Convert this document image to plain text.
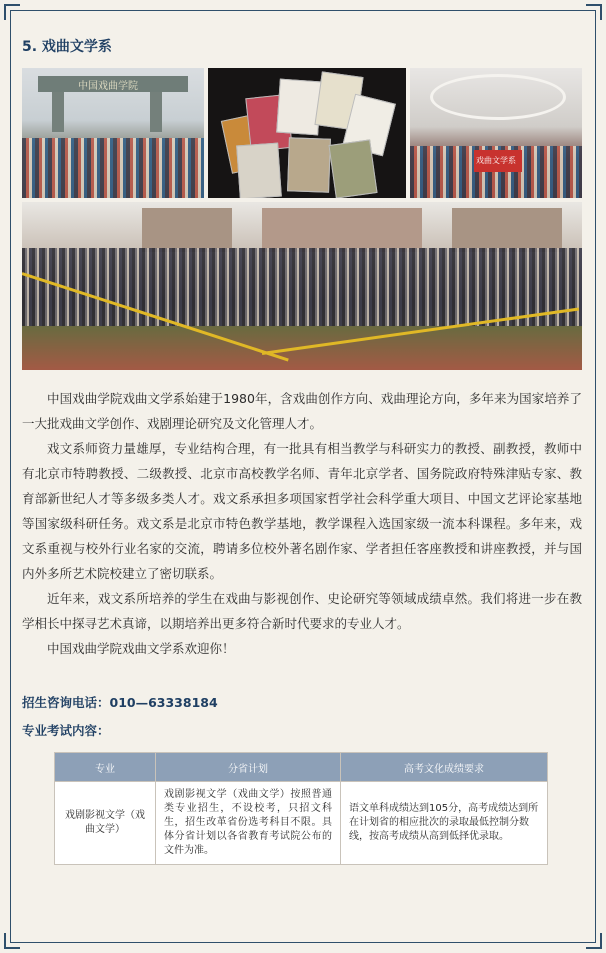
5. 戏曲文学系
中国戏曲学院
戏曲文学系

中国戏曲学院戏曲文学系始建于1980年，含戏曲创作方向、戏曲理论方向，多年来为国家培养了一大批戏曲文学创作、戏剧理论研究及文化管理人才。

戏文系师资力量雄厚，专业结构合理，有一批具有相当教学与科研实力的教授、副教授，教师中有北京市特聘教授、二级教授、北京市高校教学名师、青年北京学者、国务院政府特殊津贴专家、教育部新世纪人才等多级多类人才。戏文系承担多项国家哲学社会科学重大项目、中国文艺评论家基地等国家级科研任务。戏文系是北京市特色教学基地，教学课程入选国家级一流本科课程。多年来，戏文系重视与校外行业名家的交流，聘请多位校外著名剧作家、学者担任客座教授和讲座教授，并与国内外多所艺术院校建立了密切联系。

近年来，戏文系所培养的学生在戏曲与影视创作、史论研究等领域成绩卓然。我们将进一步在教学相长中探寻艺术真谛，以期培养出更多符合新时代要求的专业人才。

中国戏曲学院戏曲文学系欢迎你！

招生咨询电话：010—63338184
专业考试内容：
专业	分省计划	高考文化成绩要求
戏剧影视文学（戏曲文学）	戏剧影视文学（戏曲文学）按照普通类专业招生，不设校考，只招文科生，招生改革省份选考科目不限。具体分省计划以各省教育考试院公布的文件为准。	语文单科成绩达到105分，高考成绩达到所在计划省的相应批次的录取最低控制分数线，按高考成绩从高到低择优录取。
